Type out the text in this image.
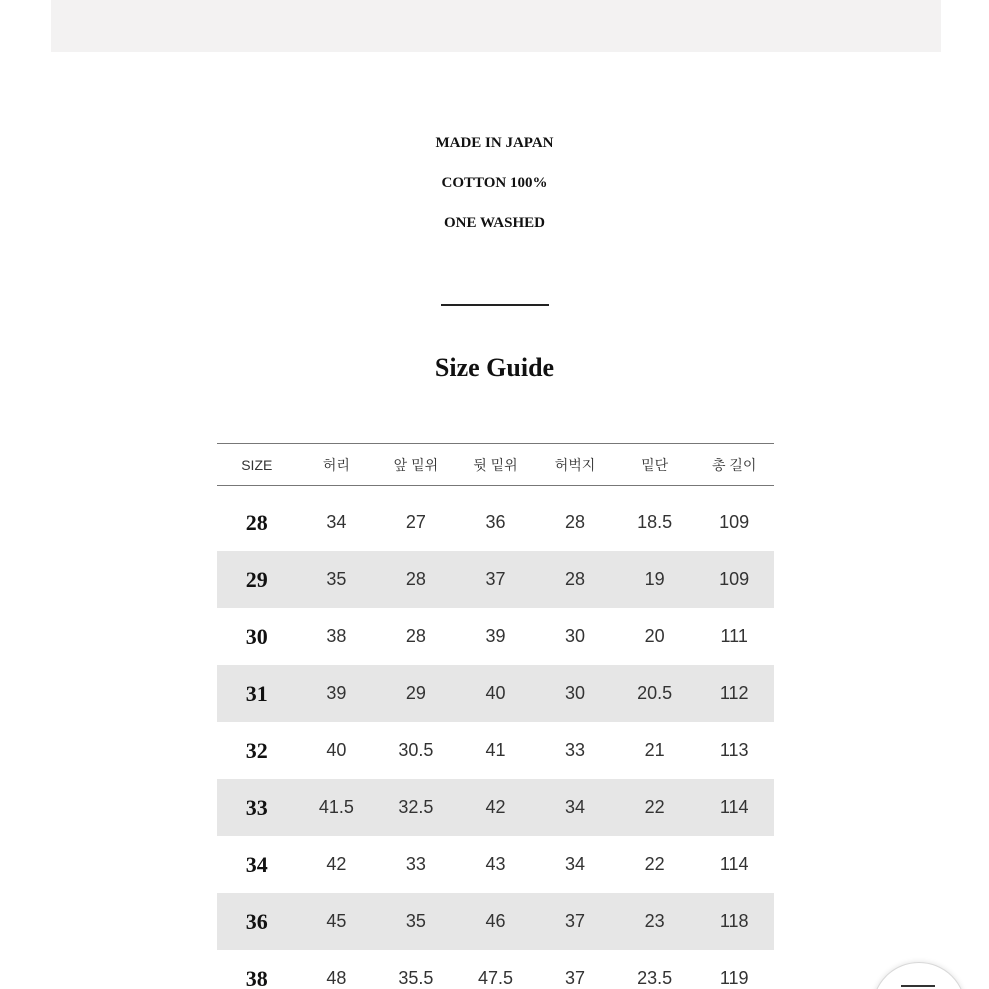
MADE IN JAPAN
COTTON 100%
ONE WASHED
Size Guide
SIZE	허리	앞 밑위	뒷 밑위	허벅지	밑단	총 길이

28	34	27	36	28	18.5	109
29	35	28	37	28	19	109
30	38	28	39	30	20	111
31	39	29	40	30	20.5	112
32	40	30.5	41	33	21	113
33	41.5	32.5	42	34	22	114
34	42	33	43	34	22	114
36	45	35	46	37	23	118
38	48	35.5	47.5	37	23.5	119
